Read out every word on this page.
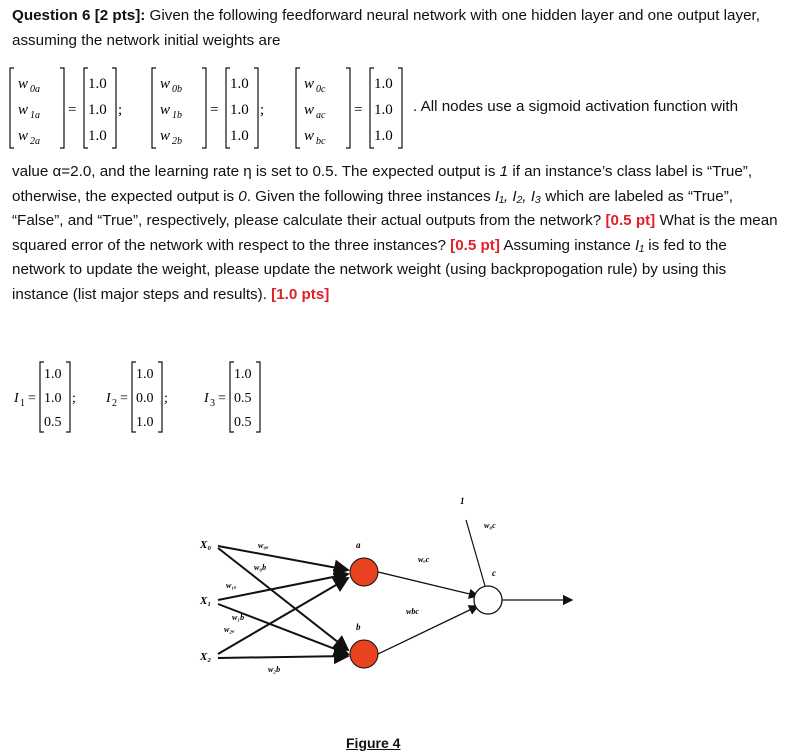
Question 6 [2 pts]: Given the following feedforward neural network with one hidden layer and one output layer, assuming the network initial weights are
w 0a
w 1a
w 2a
=
1.0
1.0
1.0
;
w 0b
w 1b
w 2b
=
1.0
1.0
1.0
;
w 0c
w ac
w bc
=
1.0
1.0
1.0
. All nodes use a sigmoid activation function with
value α=2.0, and the learning rate η is set to 0.5. The expected output is 1 if an instance’s class label is “True”, otherwise, the expected output is 0. Given the following three instances I₁, I₂, I₃ which are labeled as “True”, “False”, and “True”, respectively, please calculate their actual outputs from the network? [0.5 pt] What is the mean squared error of the network with respect to the three instances? [0.5 pt] Assuming instance I₁ is fed to the network to update the weight, please update the network weight (using backpropogation rule) by using this instance (list major steps and results). [1.0 pts]
I 1 =
1.0
1.0
0.5
; I 2 =
1.0
0.0
1.0
;	I 3 =
1.0
0.5
0.5
X₀
X₁
X₂
a
b
c
1
w₀ₐ
w₀b
w₁ₐ
w₁b
w₂ₐ
w₂b
wₐc
wbc
w₀c
Figure 4
